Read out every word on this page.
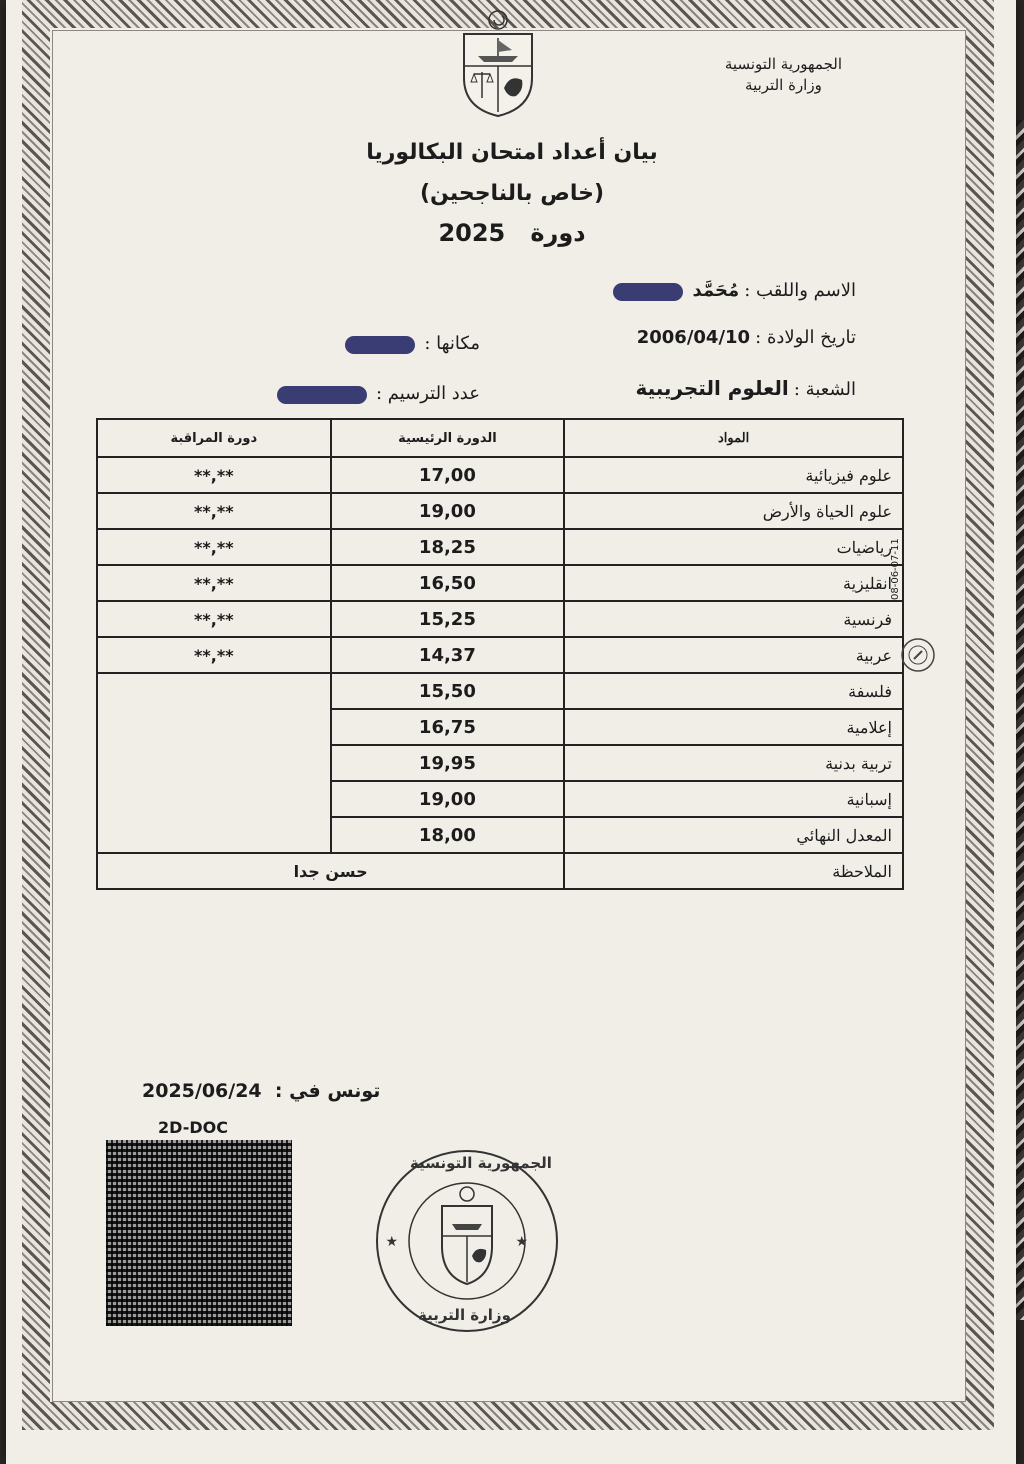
الجمهورية التونسية
وزارة التربية
بيان أعداد امتحان البكالوريا
(خاص بالناجحين)
دورة   2025
الاسم واللقب : مُحَمَّد
تاريخ الولادة : 2006/04/10
مكانها :
الشعبة : العلوم التجريبية
عدد الترسيم :
المواد	الدورة الرئيسية	دورة المراقبة
علوم فيزيائية	17,00	**,**
علوم الحياة والأرض	19,00	**,**
رياضيات	18,25	**,**
انقليزية	16,50	**,**
فرنسية	15,25	**,**
عربية	14,37	**,**
فلسفة	15,50	
إعلامية	16,75	
تربية بدنية	19,95	
إسبانية	19,00	
المعدل النهائي	18,00	
الملاحظة	حسن جدا	
08-06-07-11
تونس في :  2025/06/24
2D-DOC
★	★
الجمهورية التونسية
وزارة التربية
